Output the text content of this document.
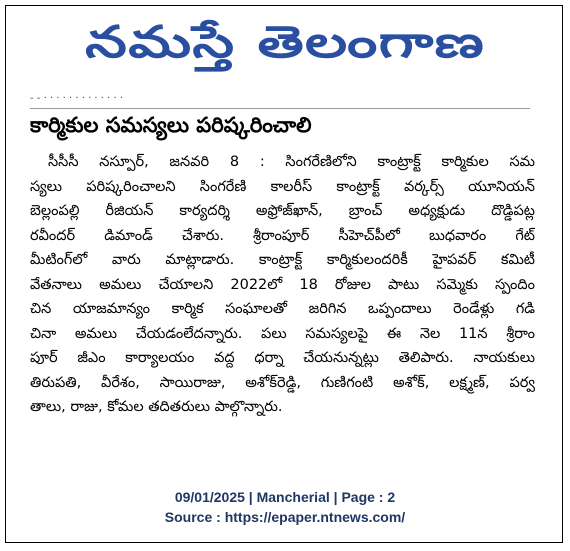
నమస్తే తెలంగాణ
- - · · · · · · · · · · · · ·
కార్మికుల సమస్యలు పరిష్కరించాలి
సీసీసీ నస్పూర్, జనవరి 8 : సింగరేణిలోని కాంట్రాక్ట్ కార్మికుల సమ
స్యలు పరిష్కరించాలని సింగరేణి కాలరీస్ కాంట్రాక్ట్ వర్కర్స్ యూనియన్
బెల్లంపల్లి రీజియన్ కార్యదర్శి అఫ్రోజ్‌ఖాన్, బ్రాంచ్ అధ్యక్షుడు దొడ్డిపట్ల
రవీందర్ డిమాండ్ చేశారు. శ్రీరాంపూర్ సీహెచ్‌పీలో బుధవారం గేట్
మీటింగ్‌లో వారు మాట్లాడారు. కాంట్రాక్ట్ కార్మికులందరికీ హైపవర్ కమిటీ
వేతనాలు అమలు చేయాలని 2022లో 18 రోజుల పాటు సమ్మెకు స్పందిం
చిన యాజమాన్యం కార్మిక సంఘాలతో జరిగిన ఒప్పందాలు రెండేళ్లు గడి
చినా అమలు చేయడంలేదన్నారు. పలు సమస్యలపై ఈ నెల 11న శ్రీరాం
పూర్ జీఎం కార్యాలయం వద్ద ధర్నా చేయనున్నట్లు తెలిపారు. నాయకులు
తిరుపతి, వీరేశం, సాయిరాజు, అశోక్‌రెడ్డి, గుణిగంటి అశోక్, లక్ష్మణ్, పర్వ
తాలు, రాజు, కోమల తదితరులు పాల్గొన్నారు.
09/01/2025 | Mancherial | Page : 2
Source : https://epaper.ntnews.com/
